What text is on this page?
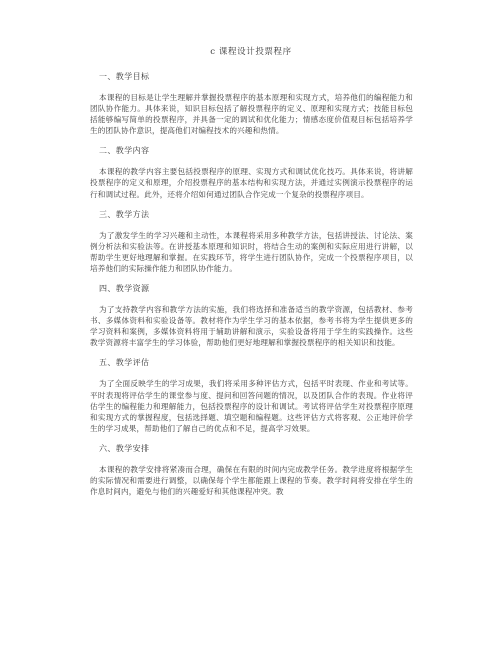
c 课程设计投票程序

一、教学目标

本课程的目标是让学生理解并掌握投票程序的基本原理和实现方式，培养他们的编程能力和团队协作能力。具体来说，知识目标包括了解投票程序的定义、原理和实现方式；技能目标包括能够编写简单的投票程序，并具备一定的调试和优化能力；情感态度价值观目标包括培养学生的团队协作意识，提高他们对编程技术的兴趣和热情。

二、教学内容

本课程的教学内容主要包括投票程序的原理、实现方式和调试优化技巧。具体来说，将讲解投票程序的定义和原理，介绍投票程序的基本结构和实现方法，并通过实例演示投票程序的运行和调试过程。此外，还将介绍如何通过团队合作完成一个复杂的投票程序项目。

三、教学方法

为了激发学生的学习兴趣和主动性，本课程将采用多种教学方法，包括讲授法、讨论法、案例分析法和实验法等。在讲授基本原理和知识时，将结合生动的案例和实际应用进行讲解，以帮助学生更好地理解和掌握。在实践环节，将学生进行团队协作，完成一个投票程序项目，以培养他们的实际操作能力和团队协作能力。

四、教学资源

为了支持教学内容和教学方法的实施，我们将选择和准备适当的教学资源，包括教材、参考书、多媒体资料和实验设备等。教材将作为学生学习的基本依据，参考书将为学生提供更多的学习资料和案例，多媒体资料将用于辅助讲解和演示，实验设备将用于学生的实践操作。这些教学资源将丰富学生的学习体验，帮助他们更好地理解和掌握投票程序的相关知识和技能。

五、教学评估

为了全面反映学生的学习成果，我们将采用多种评估方式，包括平时表现、作业和考试等。平时表现将评估学生的课堂参与度、提问和回答问题的情况，以及团队合作的表现。作业将评估学生的编程能力和理解能力，包括投票程序的设计和调试。考试将评估学生对投票程序原理和实现方式的掌握程度，包括选择题、填空题和编程题。这些评估方式将客观、公正地评价学生的学习成果，帮助他们了解自己的优点和不足，提高学习效果。

六、教学安排

本课程的教学安排将紧凑而合理，确保在有限的时间内完成教学任务。教学进度将根据学生的实际情况和需要进行调整，以确保每个学生都能跟上课程的节奏。教学时间将安排在学生的作息时间内，避免与他们的兴趣爱好和其他课程冲突。教
